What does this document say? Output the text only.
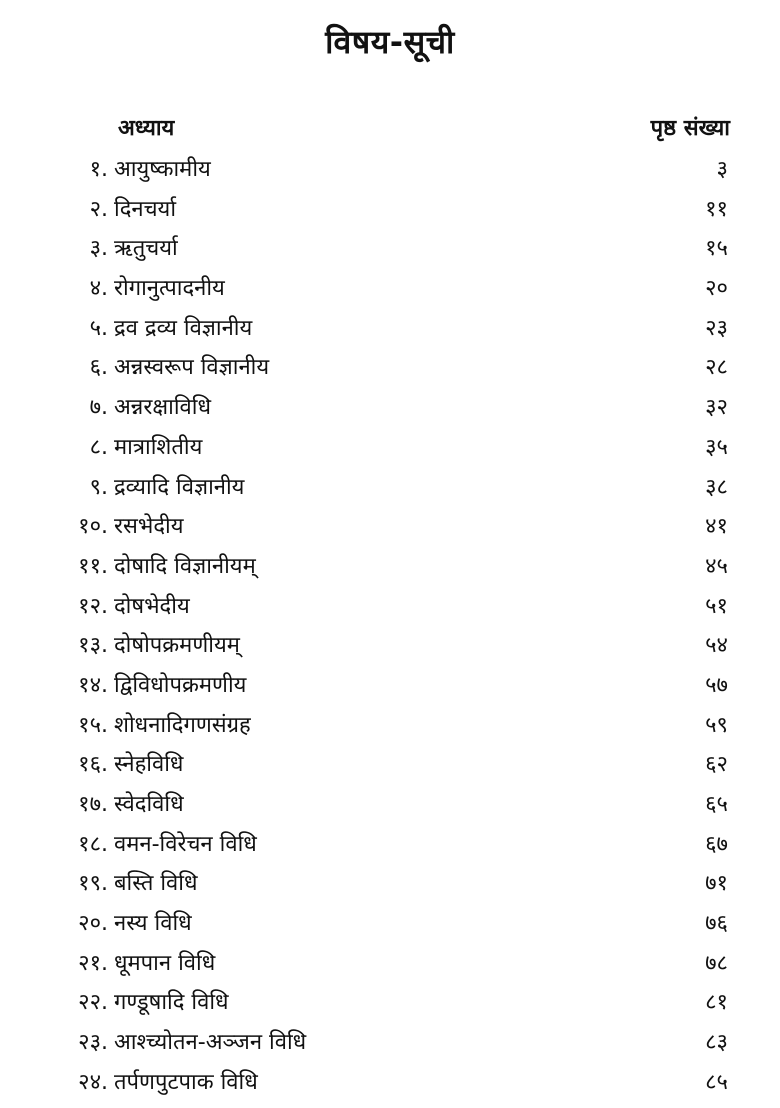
विषय-सूची
अध्याय	पृष्ठ संख्या
१. आयुष्कामीय	३
२. दिनचर्या	११
३. ऋतुचर्या	१५
४. रोगानुत्पादनीय	२०
५. द्रव द्रव्य विज्ञानीय	२३
६. अन्नस्वरूप विज्ञानीय	२८
७. अन्नरक्षाविधि	३२
८. मात्राशितीय	३५
९. द्रव्यादि विज्ञानीय	३८
१०. रसभेदीय	४१
११. दोषादि विज्ञानीयम्	४५
१२. दोषभेदीय	५१
१३. दोषोपक्रमणीयम्	५४
१४. द्विविधोपक्रमणीय	५७
१५. शोधनादिगणसंग्रह	५९
१६. स्नेहविधि	६२
१७. स्वेदविधि	६५
१८. वमन-विरेचन विधि	६७
१९. बस्ति विधि	७१
२०. नस्य विधि	७६
२१. धूमपान विधि	७८
२२. गण्डूषादि विधि	८१
२३. आश्च्योतन-अञ्जन विधि	८३
२४. तर्पणपुटपाक विधि	८५
